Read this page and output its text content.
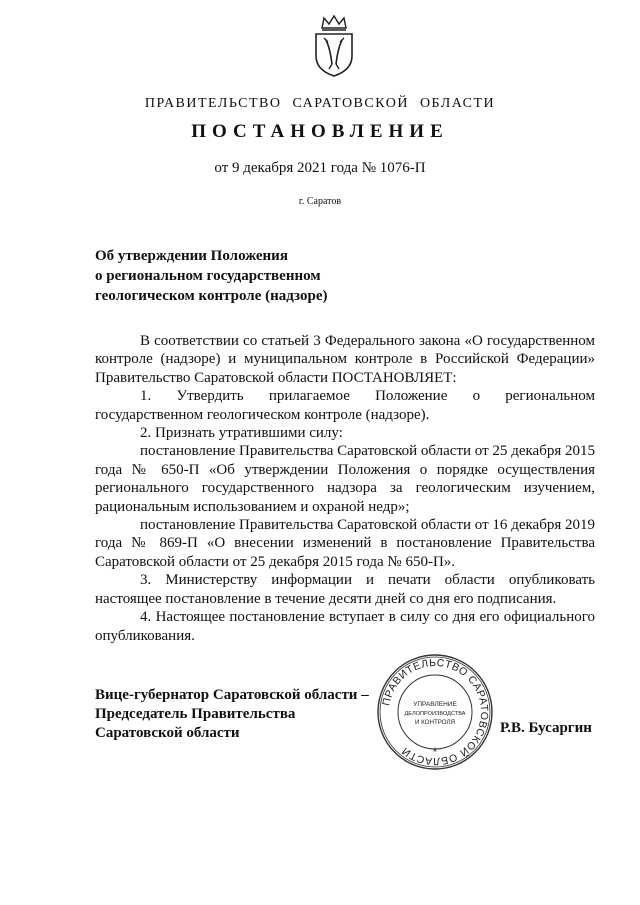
ПРАВИТЕЛЬСТВО САРАТОВСКОЙ ОБЛАСТИ
ПОСТАНОВЛЕНИЕ
от 9 декабря 2021 года № 1076-П
г. Саратов
Об утверждении Положения
о региональном государственном
геологическом контроле (надзоре)

В соответствии со статьей 3 Федерального закона «О государственном контроле (надзоре) и муниципальном контроле в Российской Федерации» Правительство Саратовской области ПОСТАНОВЛЯЕТ:

1. Утвердить прилагаемое Положение о региональном государственном геологическом контроле (надзоре).

2. Признать утратившими силу:

постановление Правительства Саратовской области от 25 декабря 2015 года № 650-П «Об утверждении Положения о порядке осуществления регионального государственного надзора за геологическим изучением, рациональным использованием и охраной недр»;

постановление Правительства Саратовской области от 16 декабря 2019 года № 869-П «О внесении изменений в постановление Правительства Саратовской области от 25 декабря 2015 года № 650-П».

3. Министерству информации и печати области опубликовать настоящее постановление в течение десяти дней со дня его подписания.

4. Настоящее постановление вступает в силу со дня его официального опубликования.

Вице-губернатор Саратовской области –
Председатель Правительства
Саратовской области
ПРАВИТЕЛЬСТВО САРАТОВСКОЙ ОБЛАСТИ
УПРАВЛЕНИЕ
ДЕЛОПРОИЗВОДСТВА
И КОНТРОЛЯ
*
Р.В. Бусаргин
